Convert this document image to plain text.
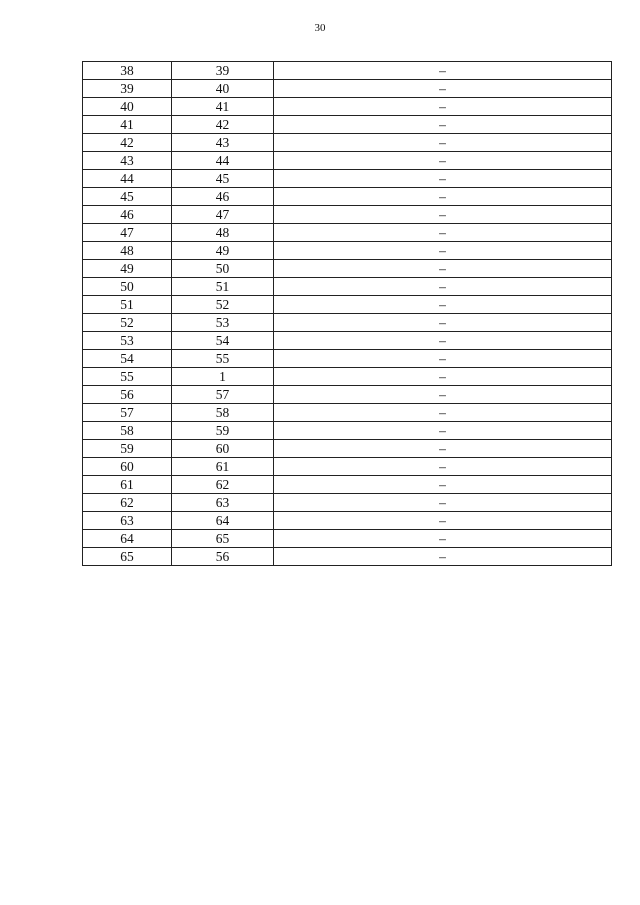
30
38	39	–
39	40	–
40	41	–
41	42	–
42	43	–
43	44	–
44	45	–
45	46	–
46	47	–
47	48	–
48	49	–
49	50	–
50	51	–
51	52	–
52	53	–
53	54	–
54	55	–
55	1	–
56	57	–
57	58	–
58	59	–
59	60	–
60	61	–
61	62	–
62	63	–
63	64	–
64	65	–
65	56	–
